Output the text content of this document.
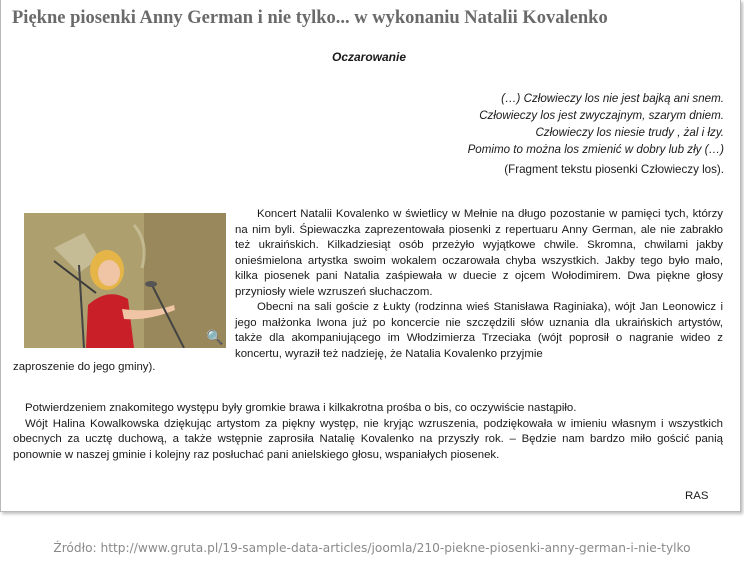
Piękne piosenki Anny German i nie tylko... w wykonaniu Natalii Kovalenko
Oczarowanie
(…) Człowieczy los nie jest bajką ani snem.
Człowieczy los jest zwyczajnym, szarym dniem.
Człowieczy los niesie trudy , żal i łzy.
Pomimo to można los zmienić w dobry lub zły (…)
(Fragment tekstu piosenki Człowieczy los).
🔍

Koncert Natalii Kovalenko w świetlicy w Mełnie na długo pozostanie w pamięci tych, którzy na nim byli. Śpiewaczka zaprezentowała piosenki z repertuaru Anny German, ale nie zabrakło też ukraińskich. Kilkadziesiąt osób przeżyło wyjątkowe chwile. Skromna, chwilami jakby onieśmielona artystka swoim wokalem oczarowała chyba wszystkich. Jakby tego było mało, kilka piosenek pani Natalia zaśpiewała w duecie z ojcem Wołodimirem. Dwa piękne głosy przyniosły wiele wzruszeń słuchaczom.

Obecni na sali goście z Łukty (rodzinna wieś Stanisława Raginiaka), wójt Jan Leonowicz i jego małżonka Iwona już po koncercie nie szczędzili słów uznania dla ukraińskich artystów, także dla akompaniującego im Włodzimierza Trzeciaka (wójt poprosił o nagranie wideo z koncertu, wyraził też nadzieję, że Natalia Kovalenko przyjmie

zaproszenie do jego gminy).

Potwierdzeniem znakomitego występu były gromkie brawa i kilkakrotna prośba o bis, co oczywiście nastąpiło.

Wójt Halina Kowalkowska dziękując artystom za piękny występ, nie kryjąc wzruszenia, podziękowała w imieniu własnym i wszystkich obecnych za ucztę duchową, a także wstępnie zaprosiła Natalię Kovalenko na przyszły rok. – Będzie nam bardzo miło gościć panią ponownie w naszej gminie i kolejny raz posłuchać pani anielskiego głosu, wspaniałych piosenek.

RAS
Źródło: http://www.gruta.pl/19-sample-data-articles/joomla/210-piekne-piosenki-anny-german-i-nie-tylko
